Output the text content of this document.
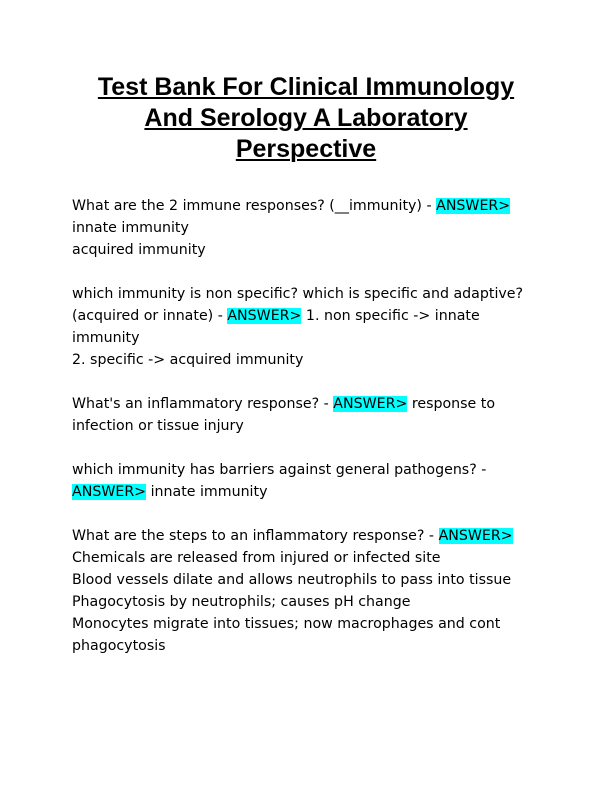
Test Bank For Clinical Immunology
And Serology A Laboratory
Perspective
What are the 2 immune responses? (__immunity) - ANSWER>
innate immunity
acquired immunity
which immunity is non specific? which is specific and adaptive?
(acquired or innate) - ANSWER> 1. non specific -> innate
immunity
2. specific -> acquired immunity
What's an inflammatory response? - ANSWER> response to
infection or tissue injury
which immunity has barriers against general pathogens? -
ANSWER> innate immunity
What are the steps to an inflammatory response? - ANSWER>
Chemicals are released from injured or infected site
Blood vessels dilate and allows neutrophils to pass into tissue
Phagocytosis by neutrophils; causes pH change
Monocytes migrate into tissues; now macrophages and cont
phagocytosis
